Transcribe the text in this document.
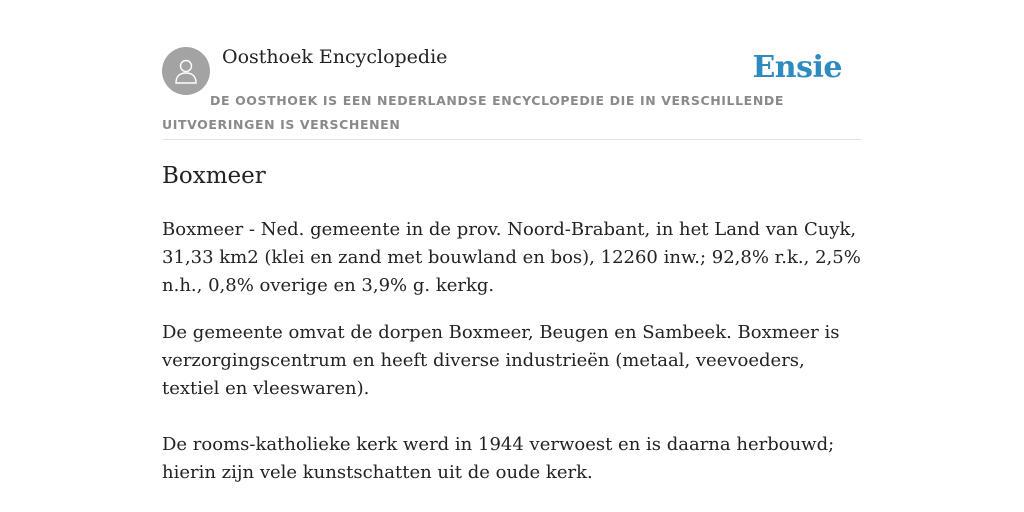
Oosthoek Encyclopedie	Ensie
DE OOSTHOEK IS EEN NEDERLANDSE ENCYCLOPEDIE DIE IN VERSCHILLENDE UITVOERINGEN IS VERSCHENEN
Boxmeer

Boxmeer - Ned. gemeente in de prov. Noord-Brabant, in het Land van Cuyk, 31,33 km2 (klei en zand met bouwland en bos), 12260 inw.; 92,8% r.k., 2,5% n.h., 0,8% overige en 3,9% g. kerkg.

De gemeente omvat de dorpen Boxmeer, Beugen en Sambeek. Boxmeer is verzorgingscentrum en heeft diverse industrieën (metaal, veevoeders, textiel en vleeswaren).

De rooms-katholieke kerk werd in 1944 verwoest en is daarna herbouwd; hierin zijn vele kunstschatten uit de oude kerk.
